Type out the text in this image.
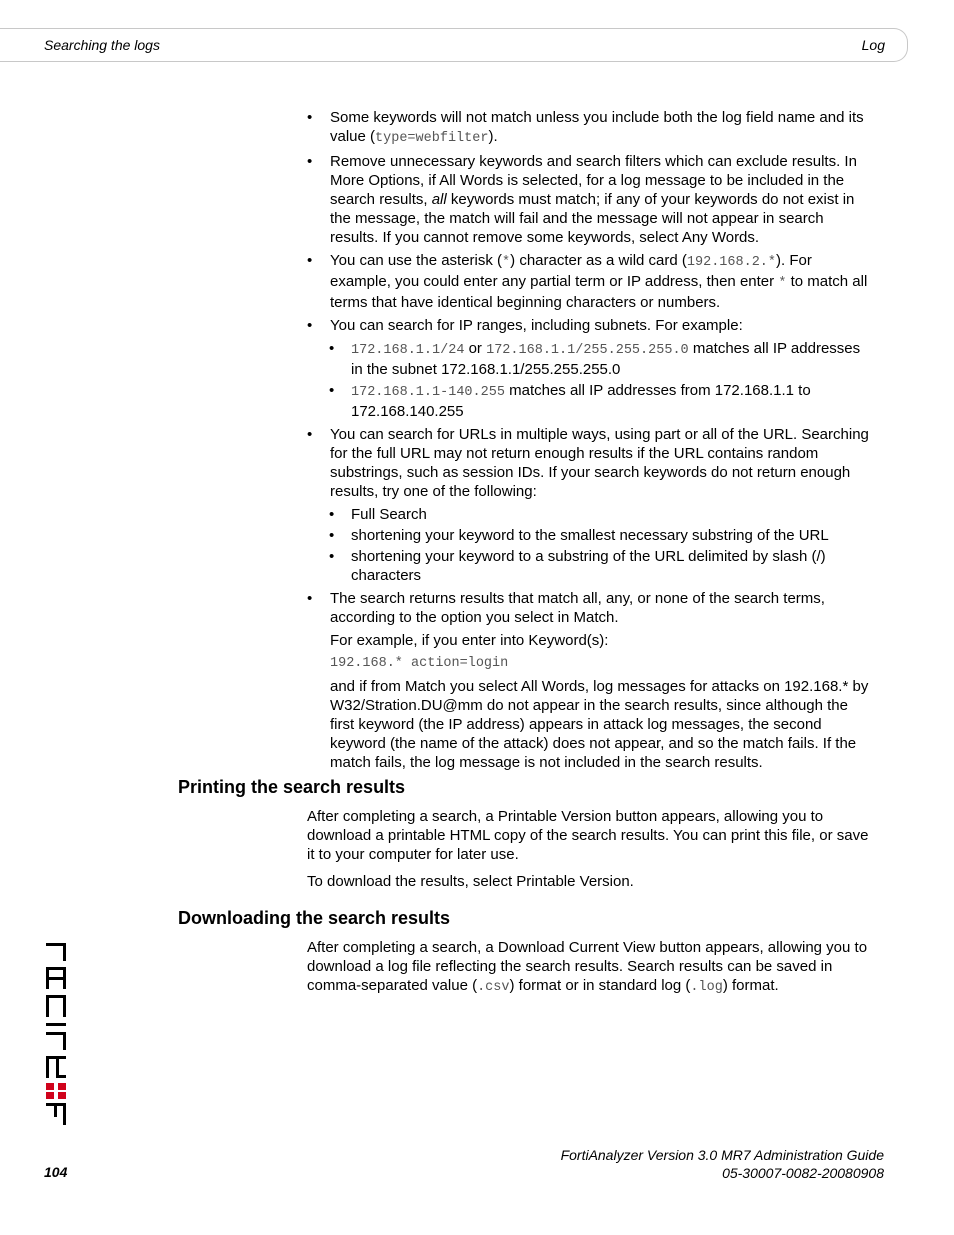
Searching the logs	Log
• Some keywords will not match unless you include both the log field name and its value (type=webfilter).
• Remove unnecessary keywords and search filters which can exclude results. In More Options, if All Words is selected, for a log message to be included in the search results, all keywords must match; if any of your keywords do not exist in the message, the match will fail and the message will not appear in search results. If you cannot remove some keywords, select Any Words.
• You can use the asterisk (*) character as a wild card (192.168.2.*). For example, you could enter any partial term or IP address, then enter * to match all terms that have identical beginning characters or numbers.
• You can search for IP ranges, including subnets. For example:
• 172.168.1.1/24 or 172.168.1.1/255.255.255.0 matches all IP addresses in the subnet 172.168.1.1/255.255.255.0
• 172.168.1.1-140.255 matches all IP addresses from 172.168.1.1 to 172.168.140.255
• You can search for URLs in multiple ways, using part or all of the URL. Searching for the full URL may not return enough results if the URL contains random substrings, such as session IDs. If your search keywords do not return enough results, try one of the following:
• Full Search
• shortening your keyword to the smallest necessary substring of the URL
• shortening your keyword to a substring of the URL delimited by slash (/) characters
• The search returns results that match all, any, or none of the search terms, according to the option you select in Match.
For example, if you enter into Keyword(s):
192.168.* action=login
and if from Match you select All Words, log messages for attacks on 192.168.* by W32/Stration.DU@mm do not appear in the search results, since although the first keyword (the IP address) appears in attack log messages, the second keyword (the name of the attack) does not appear, and so the match fails. If the match fails, the log message is not included in the search results.
Printing the search results

After completing a search, a Printable Version button appears, allowing you to download a printable HTML copy of the search results. You can print this file, or save it to your computer for later use.

To download the results, select Printable Version.

Downloading the search results

After completing a search, a Download Current View button appears, allowing you to download a log file reflecting the search results. Search results can be saved in comma-separated value (.csv) format or in standard log (.log) format.

FortiAnalyzer Version 3.0 MR7 Administration Guide
05-30007-0082-20080908
104
